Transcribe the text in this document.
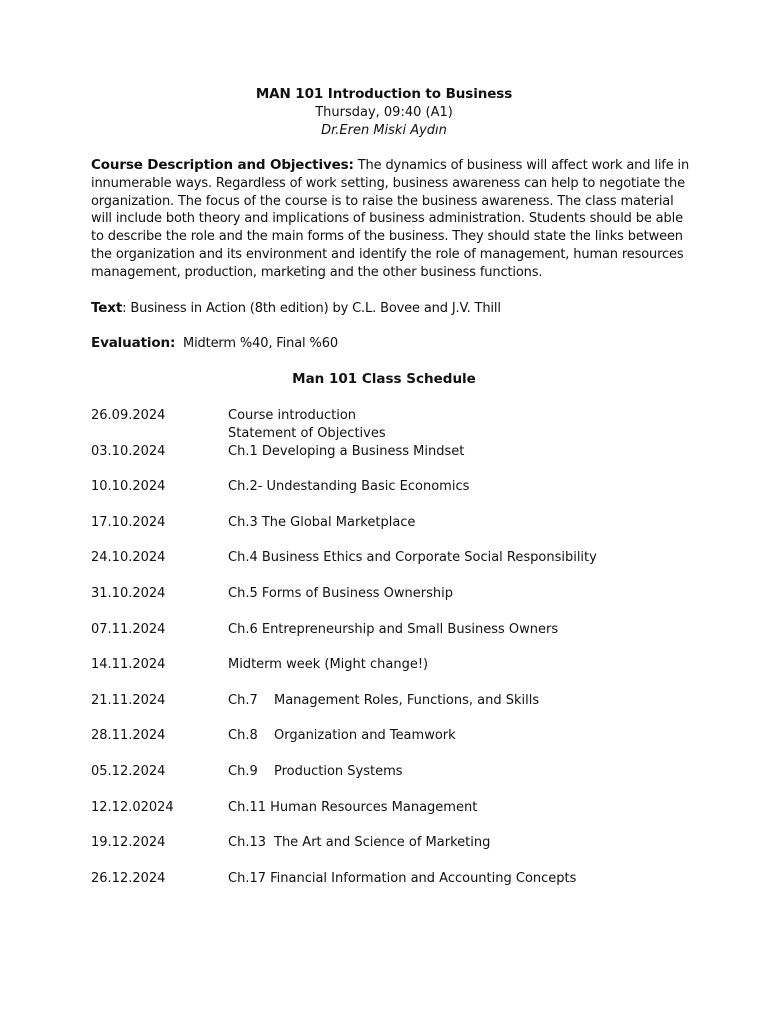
MAN 101 Introduction to Business
Thursday, 09:40 (A1)
Dr.Eren Miski Aydın

Course Description and Objectives: The dynamics of business will affect work and life in innumerable ways. Regardless of work setting, business awareness can help to negotiate the organization. The focus of the course is to raise the business awareness. The class material will include both theory and implications of business administration. Students should be able to describe the role and the main forms of the business. They should state the links between the organization and its environment and identify the role of management, human resources management, production, marketing and the other business functions.

Text: Business in Action (8th edition) by C.L. Bovee and J.V. Thill

Evaluation: Midterm %40, Final %60

Man 101 Class Schedule
26.09.2024	Course introduction
Statement of Objectives
03.10.2024	Ch.1 Developing a Business Mindset
10.10.2024	Ch.2- Undestanding Basic Economics
17.10.2024	Ch.3 The Global Marketplace
24.10.2024	Ch.4 Business Ethics and Corporate Social Responsibility
31.10.2024	Ch.5 Forms of Business Ownership
07.11.2024	Ch.6 Entrepreneurship and Small Business Owners
14.11.2024	Midterm week (Might change!)
21.11.2024	Ch.7 Management Roles, Functions, and Skills
28.11.2024	Ch.8 Organization and Teamwork
05.12.2024	Ch.9 Production Systems
12.12.02024	Ch.11 Human Resources Management
19.12.2024	Ch.13 The Art and Science of Marketing
26.12.2024	Ch.17 Financial Information and Accounting Concepts
